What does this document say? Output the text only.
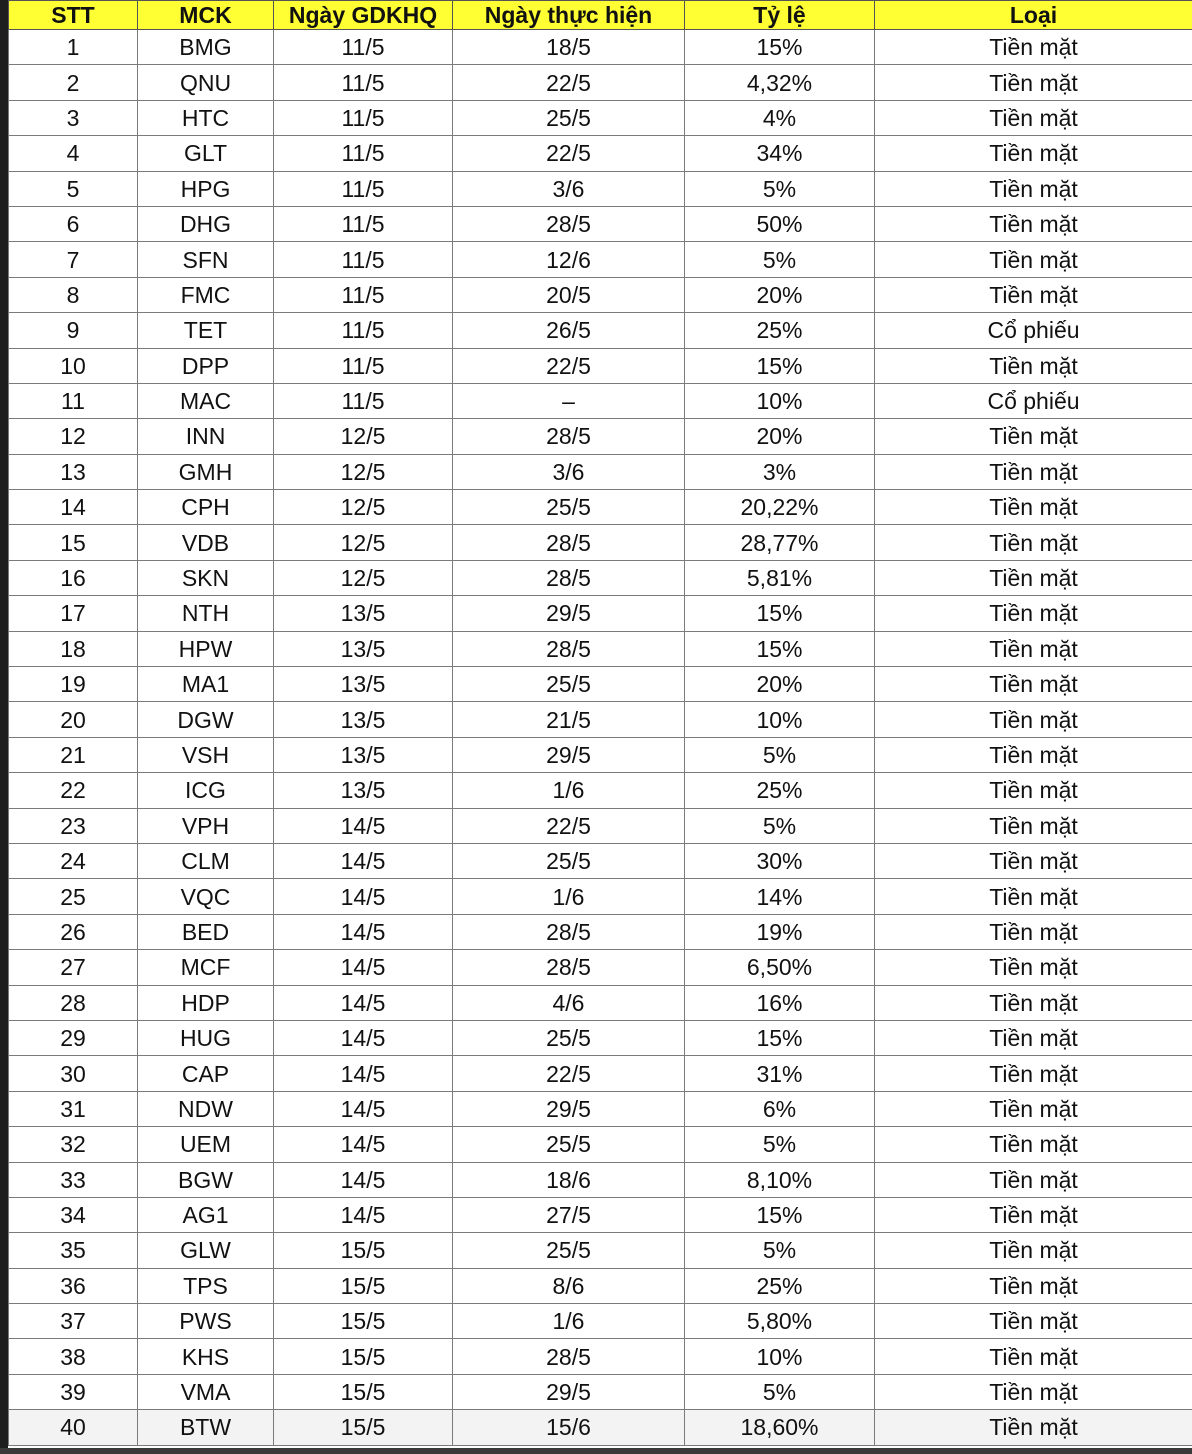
STT	MCK	Ngày GDKHQ	Ngày thực hiện	Tỷ lệ	Loại
1	BMG	11/5	18/5	15%	Tiền mặt
2	QNU	11/5	22/5	4,32%	Tiền mặt
3	HTC	11/5	25/5	4%	Tiền mặt
4	GLT	11/5	22/5	34%	Tiền mặt
5	HPG	11/5	3/6	5%	Tiền mặt
6	DHG	11/5	28/5	50%	Tiền mặt
7	SFN	11/5	12/6	5%	Tiền mặt
8	FMC	11/5	20/5	20%	Tiền mặt
9	TET	11/5	26/5	25%	Cổ phiếu
10	DPP	11/5	22/5	15%	Tiền mặt
11	MAC	11/5	–	10%	Cổ phiếu
12	INN	12/5	28/5	20%	Tiền mặt
13	GMH	12/5	3/6	3%	Tiền mặt
14	CPH	12/5	25/5	20,22%	Tiền mặt
15	VDB	12/5	28/5	28,77%	Tiền mặt
16	SKN	12/5	28/5	5,81%	Tiền mặt
17	NTH	13/5	29/5	15%	Tiền mặt
18	HPW	13/5	28/5	15%	Tiền mặt
19	MA1	13/5	25/5	20%	Tiền mặt
20	DGW	13/5	21/5	10%	Tiền mặt
21	VSH	13/5	29/5	5%	Tiền mặt
22	ICG	13/5	1/6	25%	Tiền mặt
23	VPH	14/5	22/5	5%	Tiền mặt
24	CLM	14/5	25/5	30%	Tiền mặt
25	VQC	14/5	1/6	14%	Tiền mặt
26	BED	14/5	28/5	19%	Tiền mặt
27	MCF	14/5	28/5	6,50%	Tiền mặt
28	HDP	14/5	4/6	16%	Tiền mặt
29	HUG	14/5	25/5	15%	Tiền mặt
30	CAP	14/5	22/5	31%	Tiền mặt
31	NDW	14/5	29/5	6%	Tiền mặt
32	UEM	14/5	25/5	5%	Tiền mặt
33	BGW	14/5	18/6	8,10%	Tiền mặt
34	AG1	14/5	27/5	15%	Tiền mặt
35	GLW	15/5	25/5	5%	Tiền mặt
36	TPS	15/5	8/6	25%	Tiền mặt
37	PWS	15/5	1/6	5,80%	Tiền mặt
38	KHS	15/5	28/5	10%	Tiền mặt
39	VMA	15/5	29/5	5%	Tiền mặt
40	BTW	15/5	15/6	18,60%	Tiền mặt
